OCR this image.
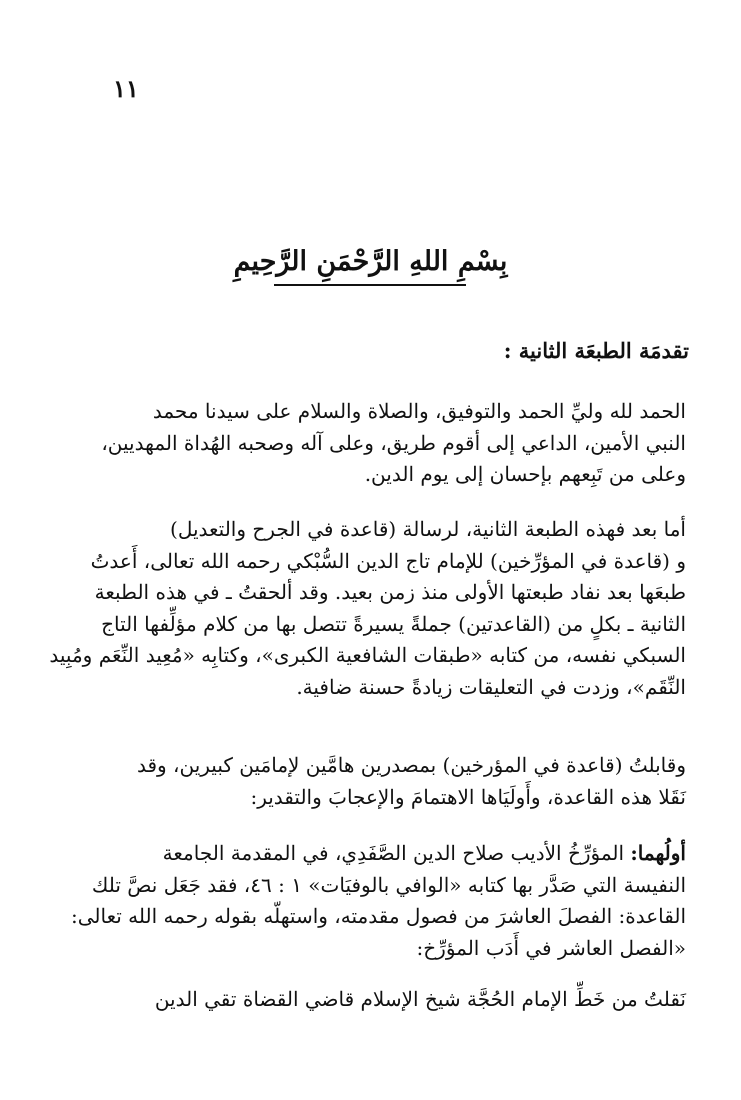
١١
بِسْمِ اللهِ الرَّحْمَنِ الرَّحِيمِ
تقدمَة الطبعَة الثانية :
الحمد لله وليِّ الحمد والتوفيق، والصلاة والسلام على سيدنا محمد
النبي الأمين، الداعي إلى أقوم طريق، وعلى آله وصحبه الهُداة المهديين،
وعلى من تَبِعهم بإحسان إلى يوم الدين.
أما بعد فهذه الطبعة الثانية، لرسالة (قاعدة في الجرح والتعديل)
و (قاعدة في المؤرِّخين) للإمام تاج الدين السُّبْكي رحمه الله تعالى، أَعدتُ
طبعَها بعد نفاد طبعتها الأولى منذ زمن بعيد. وقد ألحقتُ ـ في هذه الطبعة
الثانية ـ بكلٍ من (القاعدتين) جملةً يسيرةً تتصل بها من كلام مؤلِّفها التاج
السبكي نفسه، من كتابه «طبقات الشافعية الكبرى»، وكتابِه «مُعِيد النِّعَم ومُبِيد
النِّقَم»، وزدت في التعليقات زيادةً حسنة ضافية.
وقابلتُ (قاعدة في المؤرخين) بمصدرين هامَّين لإمامَين كبيرين، وقد
نَقَلا هذه القاعدة، وأَولَيَاها الاهتمامَ والإعجابَ والتقدير:
أولُهما: المؤرِّخُ الأديب صلاح الدين الصَّفَدِي، في المقدمة الجامعة
النفيسة التي صَدَّر بها كتابه «الوافي بالوفيَات» ١ : ٤٦، فقد جَعَل نصَّ تلك
القاعدة: الفصلَ العاشرَ من فصول مقدمته، واستهلّه بقوله رحمه الله تعالى:
«الفصل العاشر في أَدَب المؤرِّخ:
نَقلتُ من خَطِّ الإمام الحُجَّة شيخ الإسلام قاضي القضاة تقي الدين
